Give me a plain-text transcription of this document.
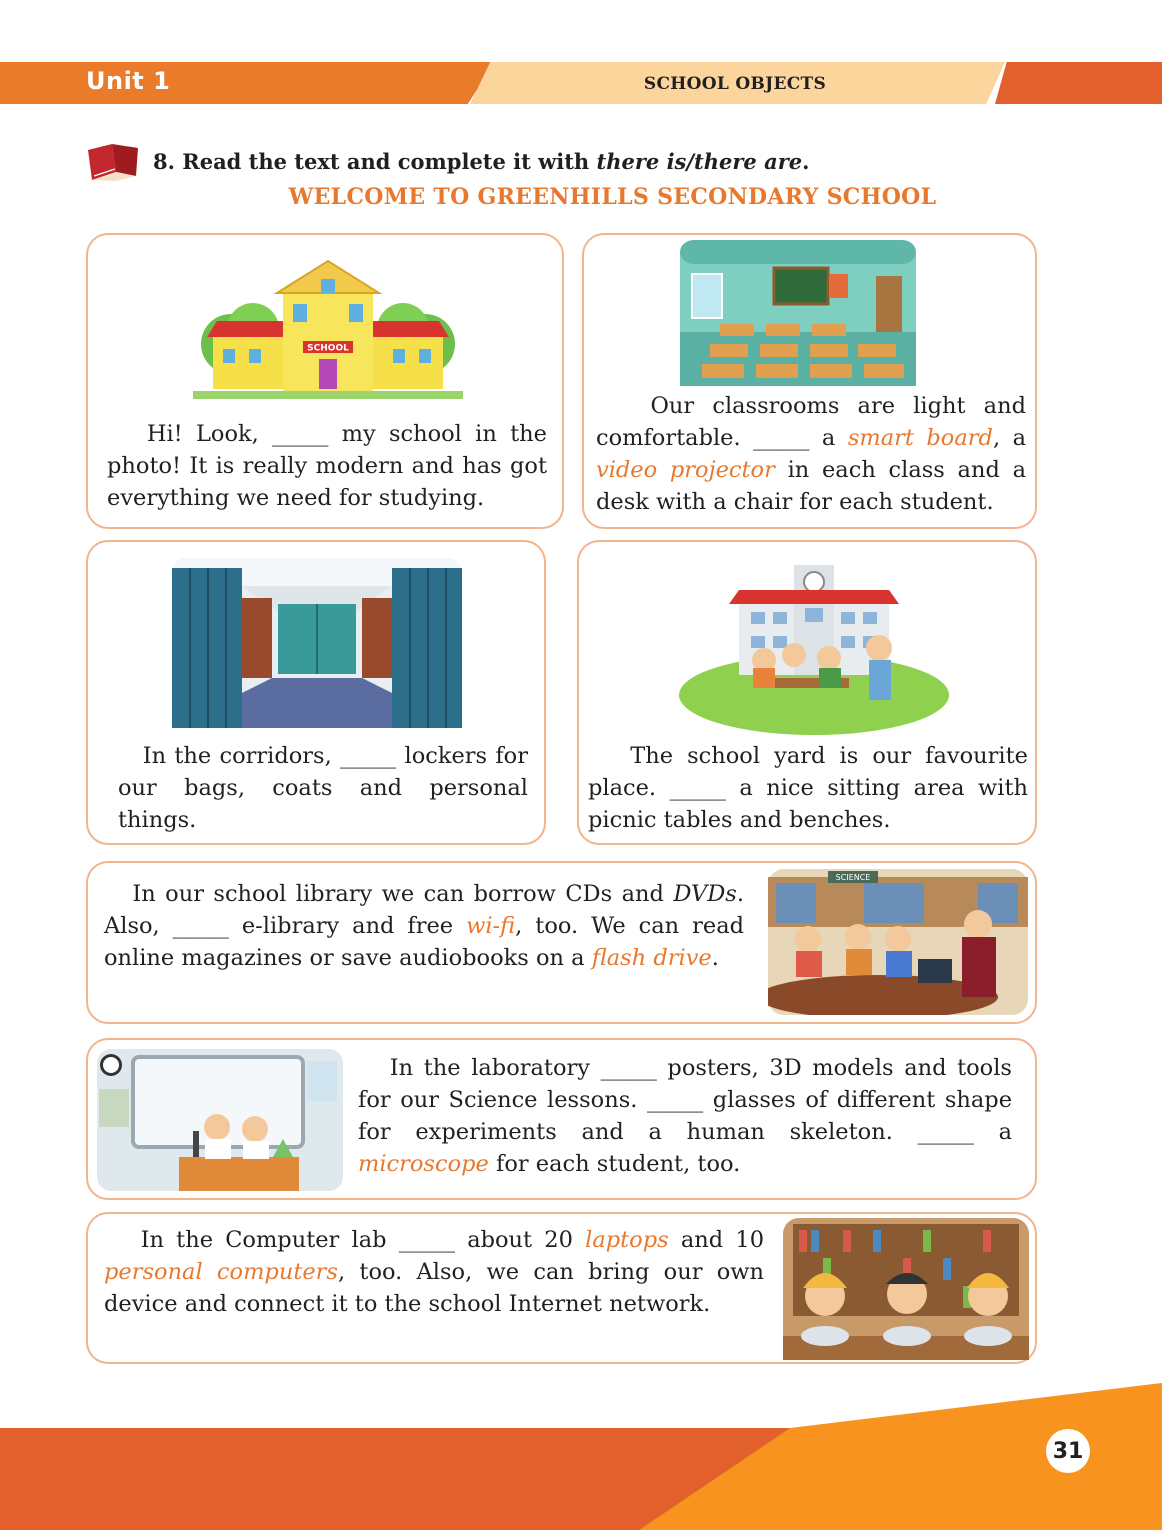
Unit 1	SCHOOL OBJECTS
8. Read the text and complete it with there is/there are.
WELCOME TO GREENHILLS SECONDARY SCHOOL
SCHOOL
Hi! Look, _____ my school in the photo! It is really modern and has got everything we need for studying.
Our classrooms are light and comfortable. _____ a smart board, a video projector in each class and a desk with a chair for each student.
In the corridors, _____ lockers for our bags, coats and personal things.
The school yard is our favourite place. _____ a nice sitting area with picnic tables and benches.
In our school library we can borrow CDs and DVDs. Also, _____ e-library and free wi-fi, too. We can read online magazines or save audiobooks on a flash drive.
SCIENCE
In the laboratory _____ posters, 3D models and tools for our Science lessons. _____ glasses of different shape for experiments and a human skeleton. _____ a microscope for each student, too.
In the Computer lab _____ about 20 laptops and 10 personal computers, too. Also, we can bring our own device and connect it to the school Internet network.
31
